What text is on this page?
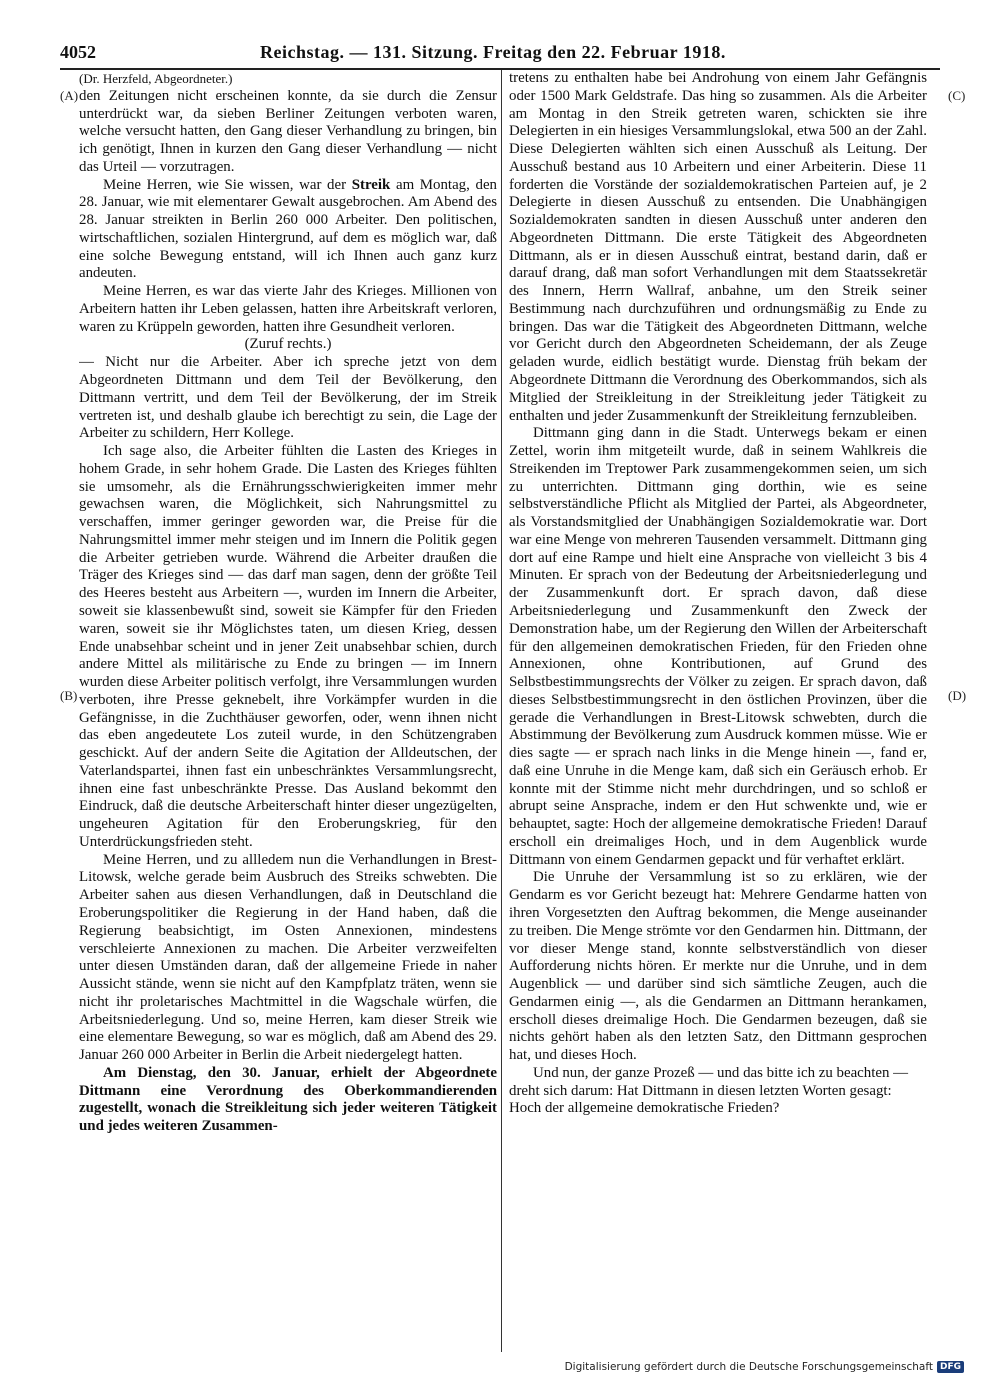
4052	Reichstag. — 131. Sitzung. Freitag den 22. Februar 1918.
(A)
(B)
(C)
(D)

(Dr. Herzfeld, Abgeordneter.)

den Zeitungen nicht erscheinen konnte, da sie durch die Zensur unterdrückt war, da sieben Berliner Zeitungen verboten waren, welche versucht hatten, den Gang dieser Verhandlung zu bringen, bin ich genötigt, Ihnen in kurzen den Gang dieser Verhandlung — nicht das Urteil — vorzutragen.

Meine Herren, wie Sie wissen, war der Streik am Montag, den 28. Januar, wie mit elementarer Gewalt ausgebrochen. Am Abend des 28. Januar streikten in Berlin 260 000 Arbeiter. Den politischen, wirtschaftlichen, sozialen Hintergrund, auf dem es möglich war, daß eine solche Bewegung entstand, will ich Ihnen auch ganz kurz andeuten.

Meine Herren, es war das vierte Jahr des Krieges. Millionen von Arbeitern hatten ihr Leben gelassen, hatten ihre Arbeitskraft verloren, waren zu Krüppeln geworden, hatten ihre Gesundheit verloren.

(Zuruf rechts.)

— Nicht nur die Arbeiter. Aber ich spreche jetzt von dem Abgeordneten Dittmann und dem Teil der Bevölkerung, den Dittmann vertritt, und dem Teil der Bevölkerung, der im Streik vertreten ist, und deshalb glaube ich berechtigt zu sein, die Lage der Arbeiter zu schildern, Herr Kollege.

Ich sage also, die Arbeiter fühlten die Lasten des Krieges in hohem Grade, in sehr hohem Grade. Die Lasten des Krieges fühlten sie umsomehr, als die Ernährungsschwierigkeiten immer mehr gewachsen waren, die Möglichkeit, sich Nahrungsmittel zu verschaffen, immer geringer geworden war, die Preise für die Nahrungsmittel immer mehr steigen und im Innern die Politik gegen die Arbeiter getrieben wurde. Während die Arbeiter draußen die Träger des Krieges sind — das darf man sagen, denn der größte Teil des Heeres besteht aus Arbeitern —, wurden im Innern die Arbeiter, soweit sie klassenbewußt sind, soweit sie Kämpfer für den Frieden waren, soweit sie ihr Möglichstes taten, um diesen Krieg, dessen Ende unabsehbar scheint und in jener Zeit unabsehbar schien, durch andere Mittel als militärische zu Ende zu bringen — im Innern wurden diese Arbeiter politisch verfolgt, ihre Versammlungen wurden verboten, ihre Presse geknebelt, ihre Vorkämpfer wurden in die Gefängnisse, in die Zuchthäuser geworfen, oder, wenn ihnen nicht das eben angedeutete Los zuteil wurde, in den Schützengraben geschickt. Auf der andern Seite die Agitation der Alldeutschen, der Vaterlandspartei, ihnen fast ein unbeschränktes Versammlungsrecht, ihnen eine fast unbeschränkte Presse. Das Ausland bekommt den Eindruck, daß die deutsche Arbeiterschaft hinter dieser ungezügelten, ungeheuren Agitation für den Eroberungskrieg, für den Unterdrückungsfrieden steht.

Meine Herren, und zu allledem nun die Verhandlungen in Brest-Litowsk, welche gerade beim Ausbruch des Streiks schwebten. Die Arbeiter sahen aus diesen Verhandlungen, daß in Deutschland die Eroberungspolitiker die Regierung in der Hand haben, daß die Regierung beabsichtigt, im Osten Annexionen, mindestens verschleierte Annexionen zu machen. Die Arbeiter verzweifelten unter diesen Umständen daran, daß der allgemeine Friede in naher Aussicht stände, wenn sie nicht auf den Kampfplatz träten, wenn sie nicht ihr proletarisches Machtmittel in die Wagschale würfen, die Arbeitsniederlegung. Und so, meine Herren, kam dieser Streik wie eine elementare Bewegung, so war es möglich, daß am Abend des 29. Januar 260 000 Arbeiter in Berlin die Arbeit niedergelegt hatten.

Am Dienstag, den 30. Januar, erhielt der Abgeordnete Dittmann eine Verordnung des Oberkommandierenden zugestellt, wonach die Streikleitung sich jeder weiteren Tätigkeit und jedes weiteren Zusammen-

tretens zu enthalten habe bei Androhung von einem Jahr Gefängnis oder 1500 Mark Geldstrafe. Das hing so zusammen. Als die Arbeiter am Montag in den Streik getreten waren, schickten sie ihre Delegierten in ein hiesiges Versammlungslokal, etwa 500 an der Zahl. Diese Delegierten wählten sich einen Ausschuß als Leitung. Der Ausschuß bestand aus 10 Arbeitern und einer Arbeiterin. Diese 11 forderten die Vorstände der sozialdemokratischen Parteien auf, je 2 Delegierte in diesen Ausschuß zu entsenden. Die Unabhängigen Sozialdemokraten sandten in diesen Ausschuß unter anderen den Abgeordneten Dittmann. Die erste Tätigkeit des Abgeordneten Dittmann, als er in diesen Ausschuß eintrat, bestand darin, daß er darauf drang, daß man sofort Verhandlungen mit dem Staatssekretär des Innern, Herrn Wallraf, anbahne, um den Streik seiner Bestimmung nach durchzuführen und ordnungsmäßig zu Ende zu bringen. Das war die Tätigkeit des Abgeordneten Dittmann, welche vor Gericht durch den Abgeordneten Scheidemann, der als Zeuge geladen wurde, eidlich bestätigt wurde. Dienstag früh bekam der Abgeordnete Dittmann die Verordnung des Oberkommandos, sich als Mitglied der Streikleitung in der Streikleitung jeder Tätigkeit zu enthalten und jeder Zusammenkunft der Streikleitung fernzubleiben.

Dittmann ging dann in die Stadt. Unterwegs bekam er einen Zettel, worin ihm mitgeteilt wurde, daß in seinem Wahlkreis die Streikenden im Treptower Park zusammengekommen seien, um sich zu unterrichten. Dittmann ging dorthin, wie es seine selbstverständliche Pflicht als Mitglied der Partei, als Abgeordneter, als Vorstandsmitglied der Unabhängigen Sozialdemokratie war. Dort war eine Menge von mehreren Tausenden versammelt. Dittmann ging dort auf eine Rampe und hielt eine Ansprache von vielleicht 3 bis 4 Minuten. Er sprach von der Bedeutung der Arbeitsniederlegung und der Zusammenkunft dort. Er sprach davon, daß diese Arbeitsniederlegung und Zusammenkunft den Zweck der Demonstration habe, um der Regierung den Willen der Arbeiterschaft für den allgemeinen demokratischen Frieden, für den Frieden ohne Annexionen, ohne Kontributionen, auf Grund des Selbstbestimmungsrechts der Völker zu zeigen. Er sprach davon, daß dieses Selbstbestimmungsrecht in den östlichen Provinzen, über die gerade die Verhandlungen in Brest-Litowsk schwebten, durch die Abstimmung der Bevölkerung zum Ausdruck kommen müsse. Wie er dies sagte — er sprach nach links in die Menge hinein —, fand er, daß eine Unruhe in die Menge kam, daß sich ein Geräusch erhob. Er konnte mit der Stimme nicht mehr durchdringen, und so schloß er abrupt seine Ansprache, indem er den Hut schwenkte und, wie er behauptet, sagte: Hoch der allgemeine demokratische Frieden! Darauf erscholl ein dreimaliges Hoch, und in dem Augenblick wurde Dittmann von einem Gendarmen gepackt und für verhaftet erklärt.

Die Unruhe der Versammlung ist so zu erklären, wie der Gendarm es vor Gericht bezeugt hat: Mehrere Gendarme hatten von ihren Vorgesetzten den Auftrag bekommen, die Menge auseinander zu treiben. Die Menge strömte vor den Gendarmen hin. Dittmann, der vor dieser Menge stand, konnte selbstverständlich von dieser Aufforderung nichts hören. Er merkte nur die Unruhe, und in dem Augenblick — und darüber sind sich sämtliche Zeugen, auch die Gendarmen einig —, als die Gendarmen an Dittmann herankamen, erscholl dieses dreimalige Hoch. Die Gendarmen bezeugen, daß sie nichts gehört haben als den letzten Satz, den Dittmann gesprochen hat, und dieses Hoch.

Und nun, der ganze Prozeß — und das bitte ich zu beachten — dreht sich darum: Hat Dittmann in diesen letzten Worten gesagt: Hoch der allgemeine demokratische Frieden?

Digitalisierung gefördert durch die Deutsche Forschungsgemeinschaft DFG
